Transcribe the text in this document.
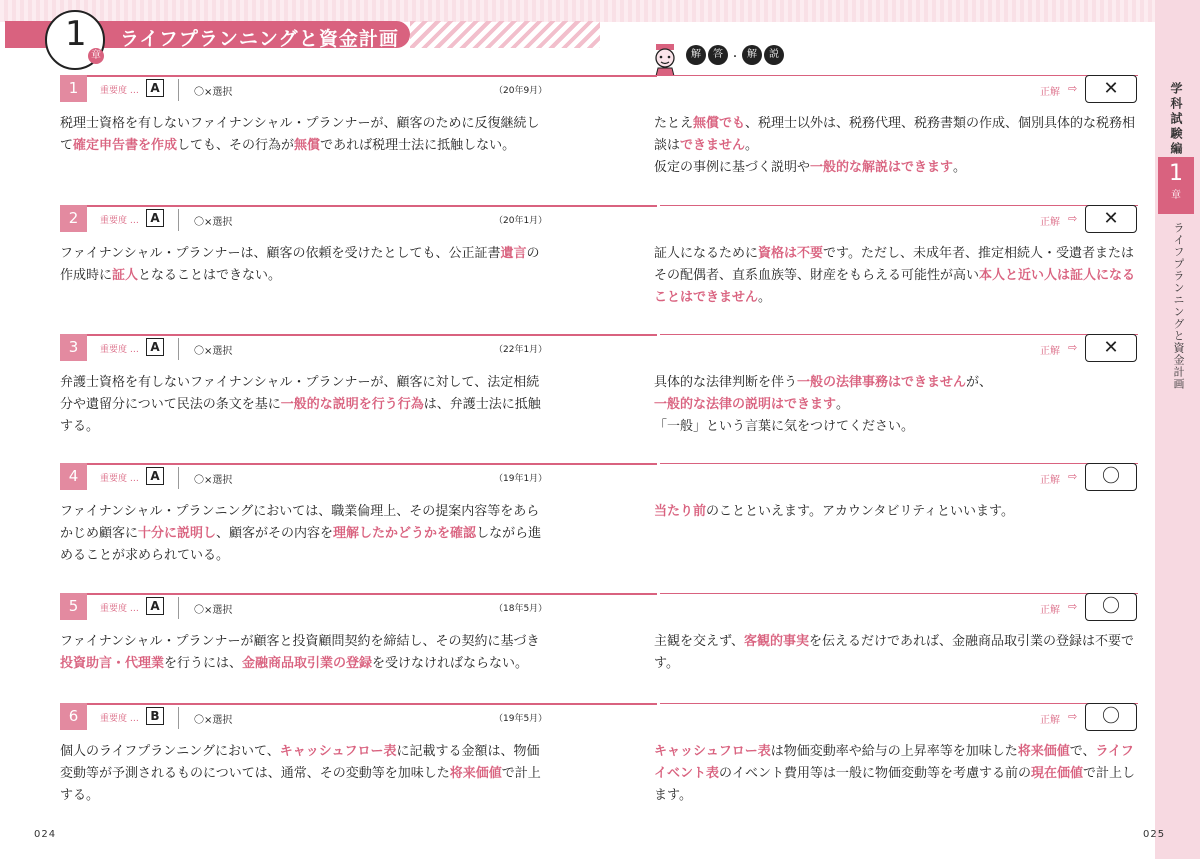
ライフプランニングと資金計画
1
章	解	答 ・ 解	説
1	重要度 … A	〇×選択	（20年9月）	正解 ⇨	✕
税理士資格を有しないファイナンシャル・プランナーが、顧客のために反復継続して確定申告書を作成しても、その行為が無償であれば税理士法に抵触しない。
たとえ無償でも、税理士以外は、税務代理、税務書類の作成、個別具体的な税務相談はできません。
仮定の事例に基づく説明や一般的な解説はできます。
2	重要度 … A	〇×選択	（20年1月）	正解 ⇨	✕
ファイナンシャル・プランナーは、顧客の依頼を受けたとしても、公正証書遺言の作成時に証人となることはできない。
証人になるために資格は不要です。ただし、未成年者、推定相続人・受遺者またはその配偶者、直系血族等、財産をもらえる可能性が高い本人と近い人は証人になることはできません。
3	重要度 … A	〇×選択	（22年1月）	正解 ⇨	✕
弁護士資格を有しないファイナンシャル・プランナーが、顧客に対して、法定相続分や遺留分について民法の条文を基に一般的な説明を行う行為は、弁護士法に抵触する。
具体的な法律判断を伴う一般の法律事務はできませんが、
一般的な法律の説明はできます。
「一般」という言葉に気をつけてください。
4	重要度 … A	〇×選択	（19年1月）	正解 ⇨	〇
ファイナンシャル・プランニングにおいては、職業倫理上、その提案内容等をあらかじめ顧客に十分に説明し、顧客がその内容を理解したかどうかを確認しながら進めることが求められている。
当たり前のことといえます。アカウンタビリティといいます。
5	重要度 … A	〇×選択	（18年5月）	正解 ⇨	〇
ファイナンシャル・プランナーが顧客と投資顧問契約を締結し、その契約に基づき投資助言・代理業を行うには、金融商品取引業の登録を受けなければならない。
主観を交えず、客観的事実を伝えるだけであれば、金融商品取引業の登録は不要です。
6	重要度 … B	〇×選択	（19年5月）	正解 ⇨	〇
個人のライフプランニングにおいて、キャッシュフロー表に記載する金額は、物価変動等が予測されるものについては、通常、その変動等を加味した将来価値で計上する。
キャッシュフロー表は物価変動率や給与の上昇率等を加味した将来価値で、ライフイベント表のイベント費用等は一般に物価変動等を考慮する前の現在価値で計上します。
学科試験編
1
章
ライフプランニングと資金計画
024	025
